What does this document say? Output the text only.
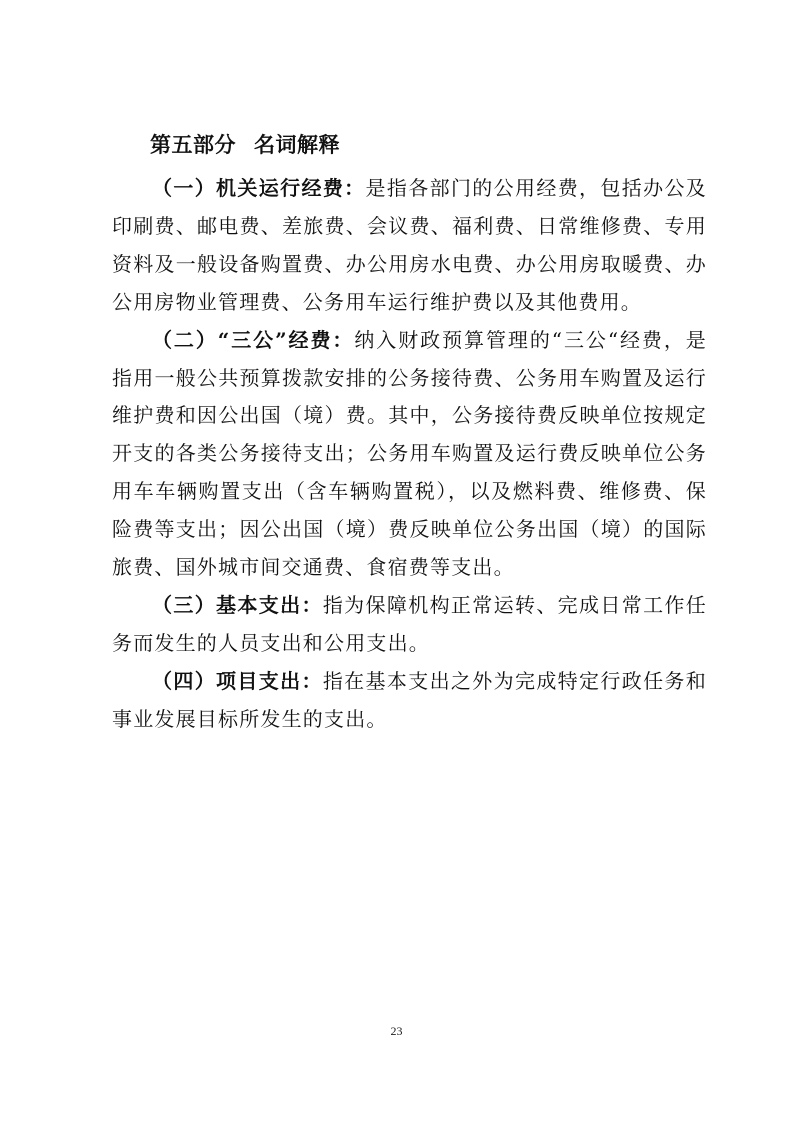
第五部分 名词解释

（一）机关运行经费：是指各部门的公用经费，包括办公及印刷费、邮电费、差旅费、会议费、福利费、日常维修费、专用资料及一般设备购置费、办公用房水电费、办公用房取暖费、办公用房物业管理费、公务用车运行维护费以及其他费用。

（二）“三公”经费：纳入财政预算管理的“三公“经费，是指用一般公共预算拨款安排的公务接待费、公务用车购置及运行维护费和因公出国（境）费。其中，公务接待费反映单位按规定开支的各类公务接待支出；公务用车购置及运行费反映单位公务用车车辆购置支出（含车辆购置税），以及燃料费、维修费、保险费等支出；因公出国（境）费反映单位公务出国（境）的国际旅费、国外城市间交通费、食宿费等支出。

（三）基本支出：指为保障机构正常运转、完成日常工作任务而发生的人员支出和公用支出。

（四）项目支出：指在基本支出之外为完成特定行政任务和事业发展目标所发生的支出。

23
